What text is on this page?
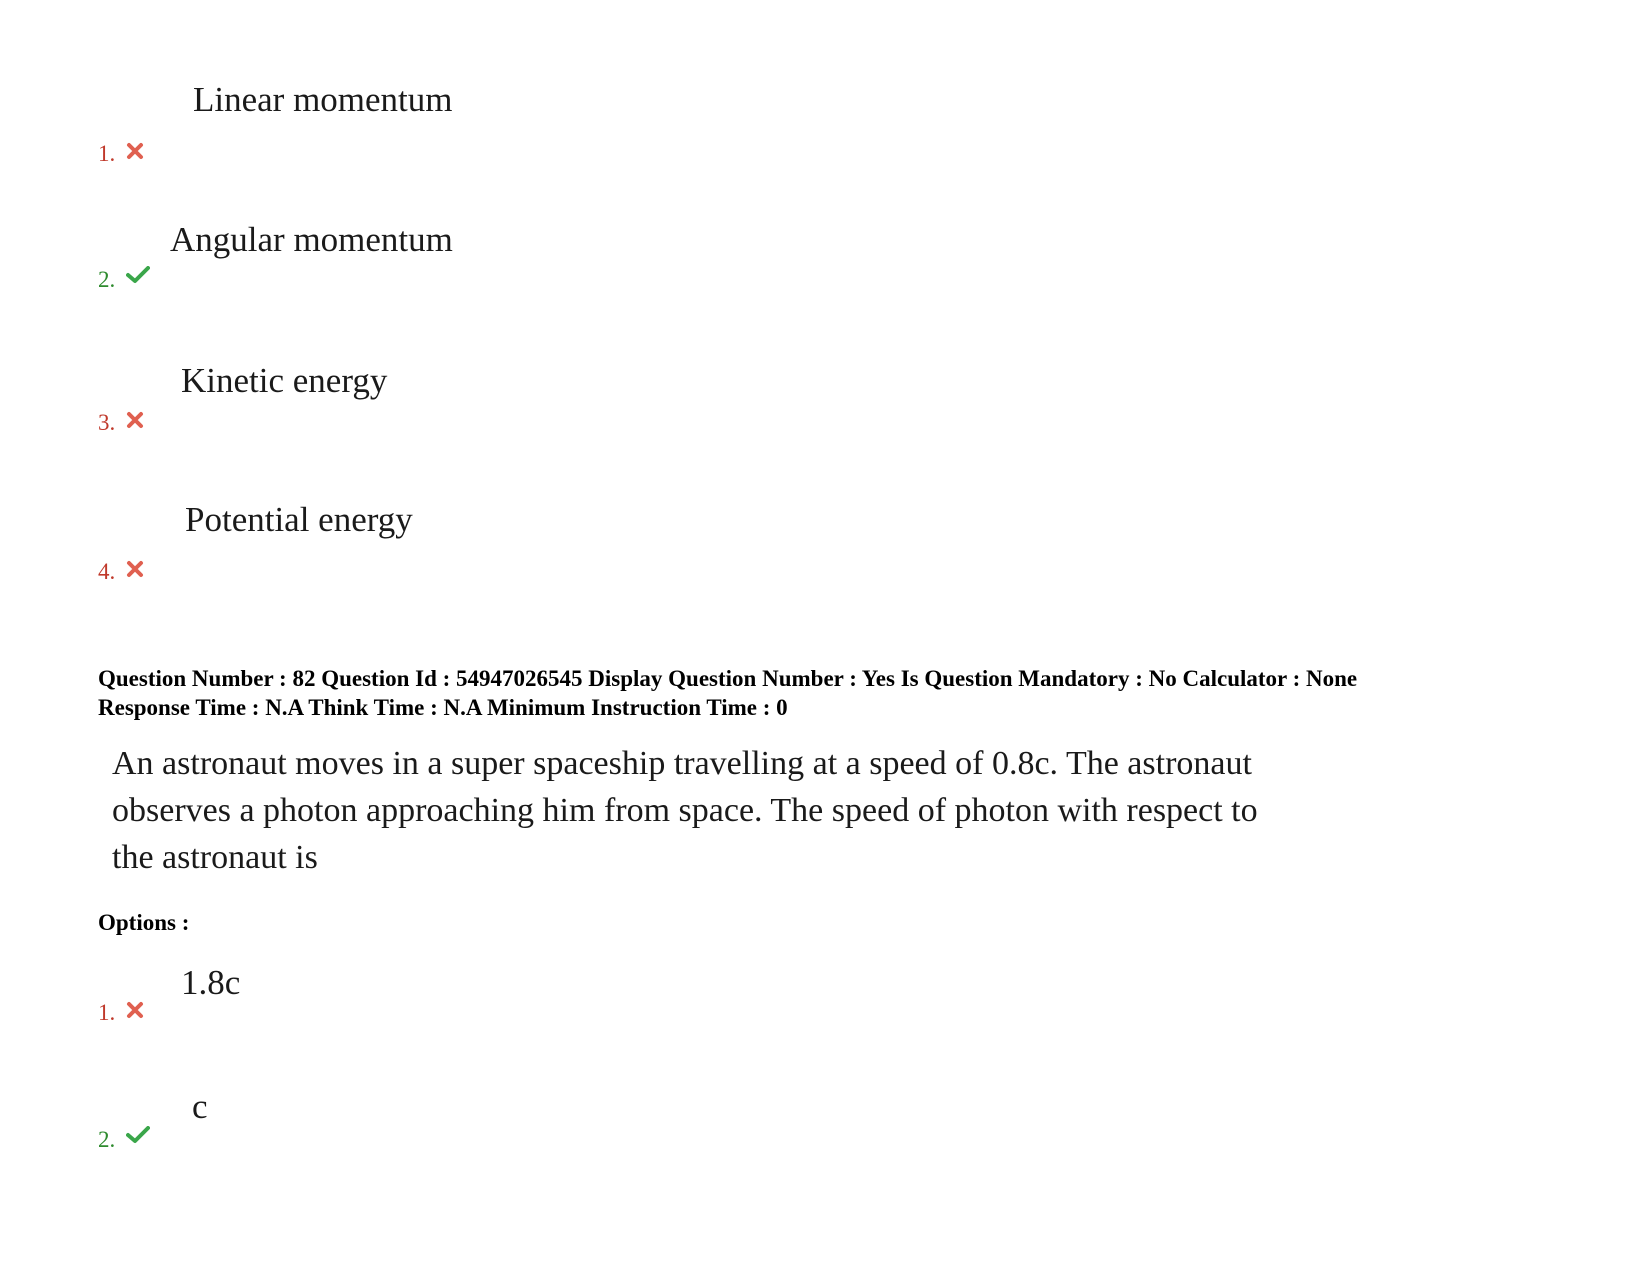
Linear momentum
1.
Angular momentum
2.
Kinetic energy
3.
Potential energy
4.
Question Number : 82 Question Id : 54947026545 Display Question Number : Yes Is Question Mandatory : No Calculator : None
Response Time : N.A Think Time : N.A Minimum Instruction Time : 0
An astronaut moves in a super spaceship travelling at a speed of 0.8c. The astronaut
observes a photon approaching him from space. The speed of photon with respect to
the astronaut is
Options :
1.8c
1.
c
2.
